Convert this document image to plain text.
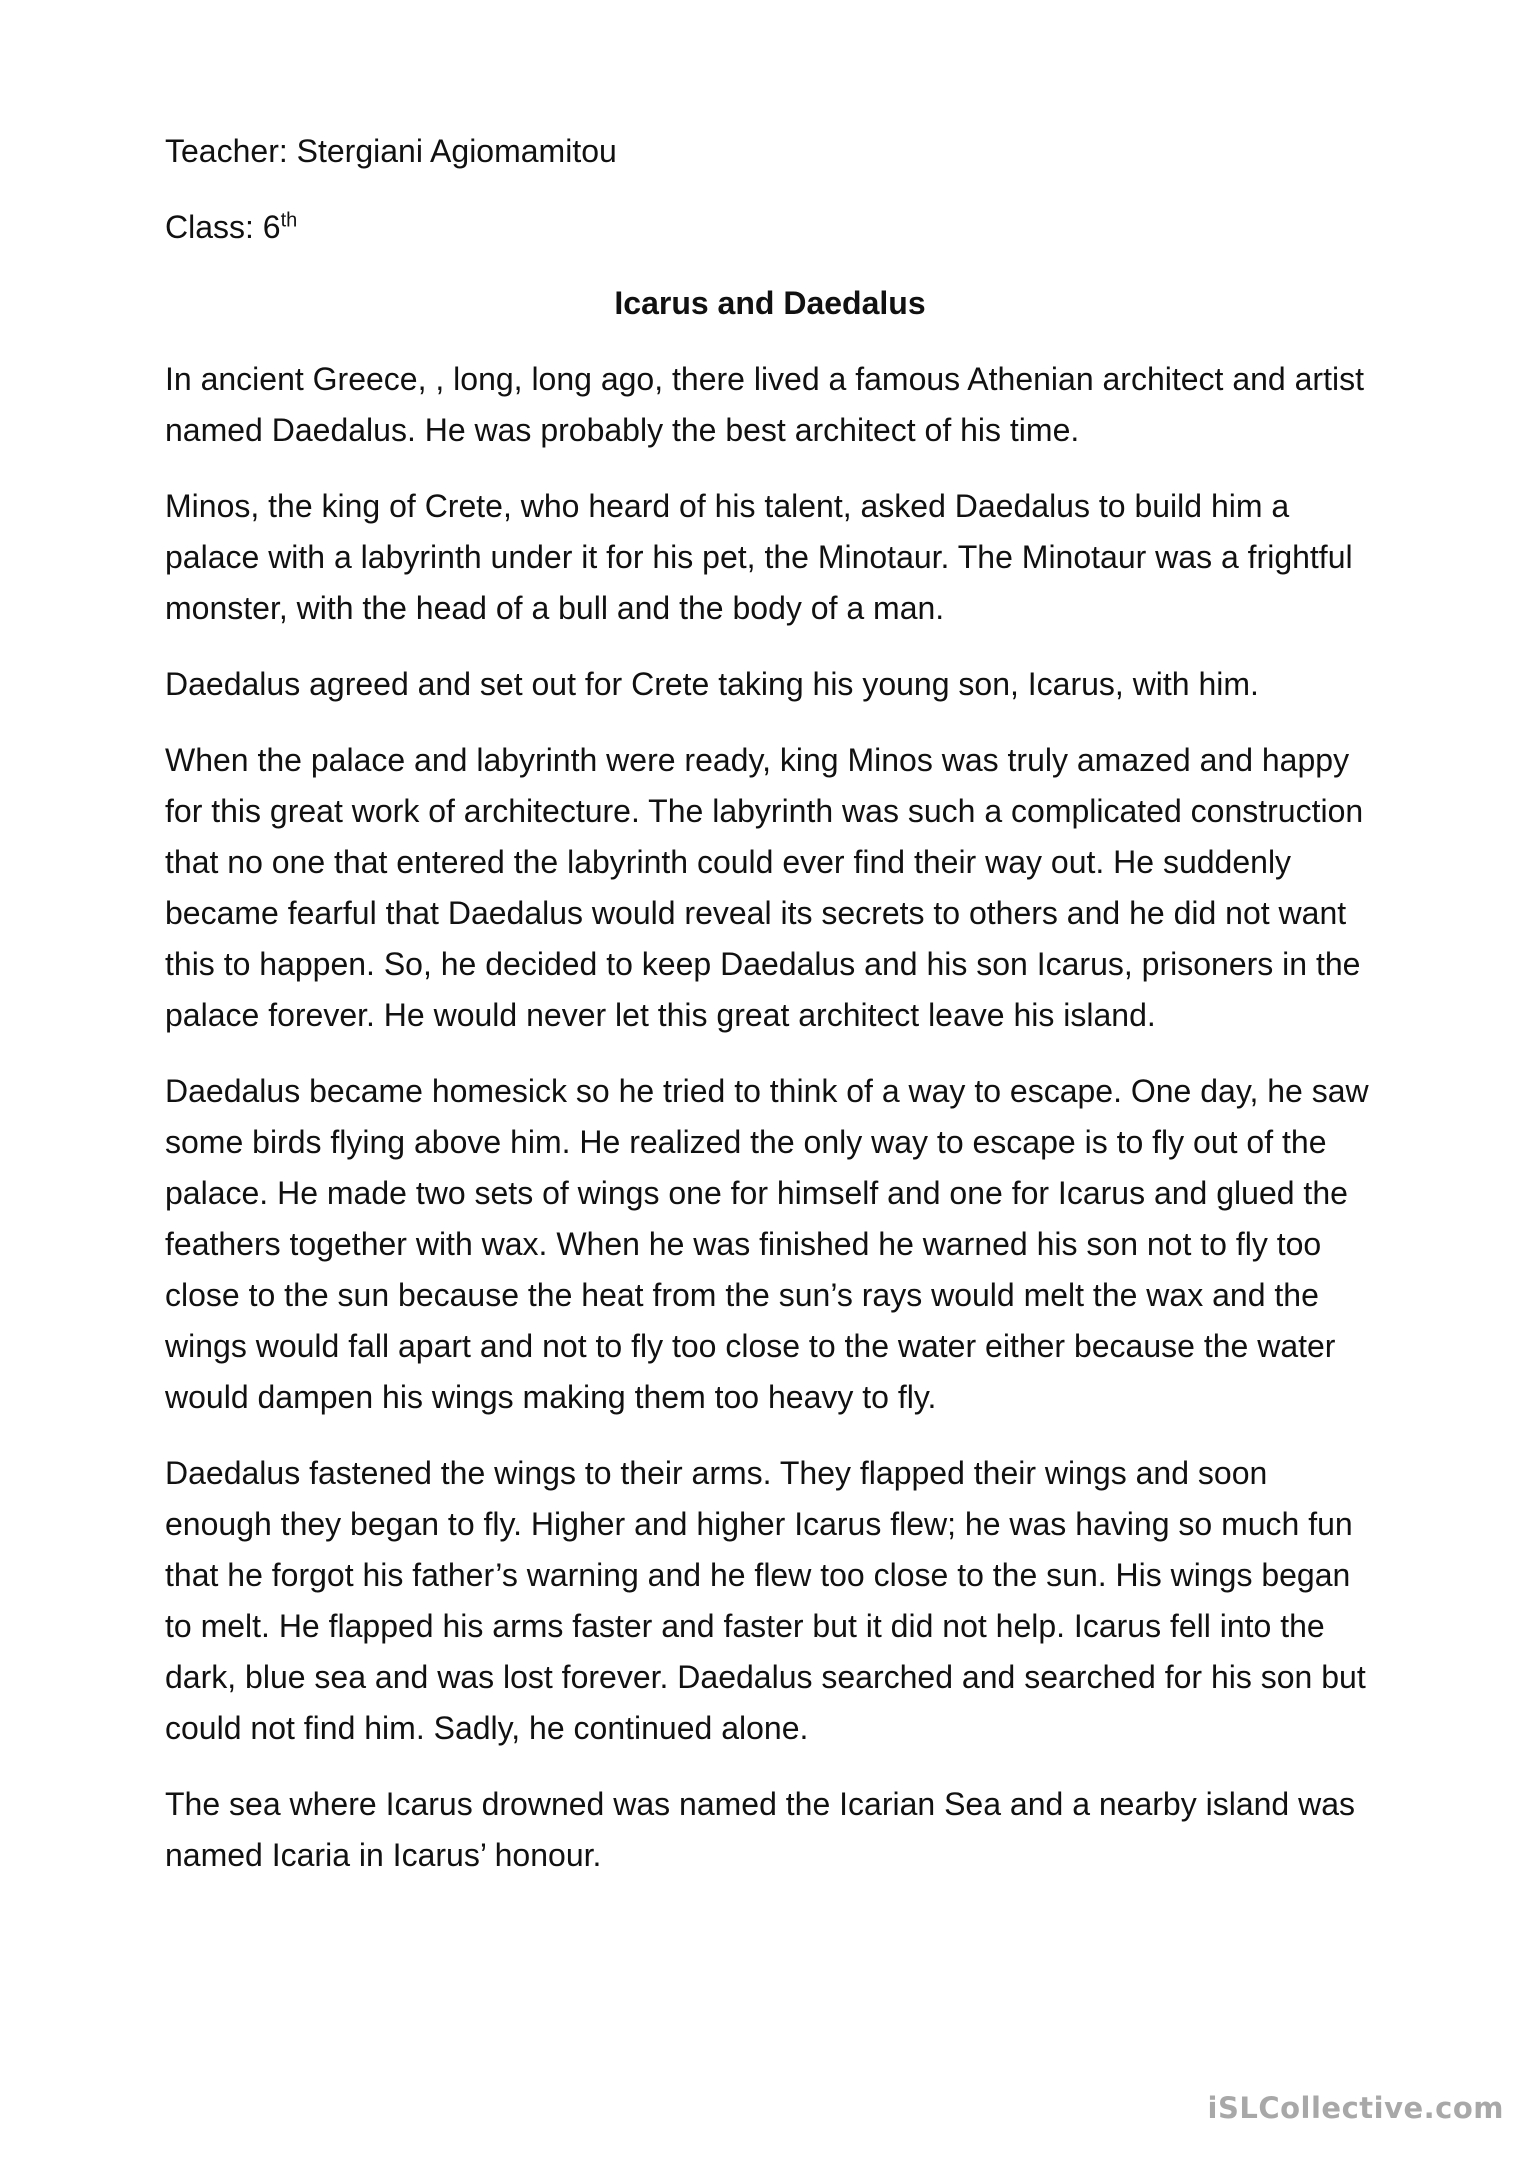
Teacher: Stergiani Agiomamitou

Class: 6th

Icarus and Daedalus

In ancient Greece, , long, long ago, there lived a famous Athenian architect and artist named Daedalus. He was probably the best architect of his time.

Minos, the king of Crete, who heard of his talent, asked Daedalus to build him a palace with a labyrinth under it for his pet, the Minotaur. The Minotaur was a frightful monster, with the head of a bull and the body of a man.

Daedalus agreed and set out for Crete taking his young son, Icarus, with him.

When the palace and labyrinth were ready, king Minos was truly amazed and happy for this great work of architecture. The labyrinth was such a complicated construction that no one that entered the labyrinth could ever find their way out. He suddenly became fearful that Daedalus would reveal its secrets to others and he did not want this to happen. So, he decided to keep Daedalus and his son Icarus, prisoners in the palace forever. He would never let this great architect leave his island.

Daedalus became homesick so he tried to think of a way to escape. One day, he saw some birds flying above him. He realized the only way to escape is to fly out of the palace. He made two sets of wings one for himself and one for Icarus and glued the feathers together with wax. When he was finished he warned his son not to fly too close to the sun because the heat from the sun’s rays would melt the wax and the wings would fall apart and not to fly too close to the water either because the water would dampen his wings making them too heavy to fly.

Daedalus fastened the wings to their arms. They flapped their wings and soon enough they began to fly. Higher and higher Icarus flew; he was having so much fun that he forgot his father’s warning and he flew too close to the sun. His wings began to melt. He flapped his arms faster and faster but it did not help. Icarus fell into the dark, blue sea and was lost forever. Daedalus searched and searched for his son but could not find him. Sadly, he continued alone.

The sea where Icarus drowned was named the Icarian Sea and a nearby island was named Icaria in Icarus’ honour.

iSLCollective.com
